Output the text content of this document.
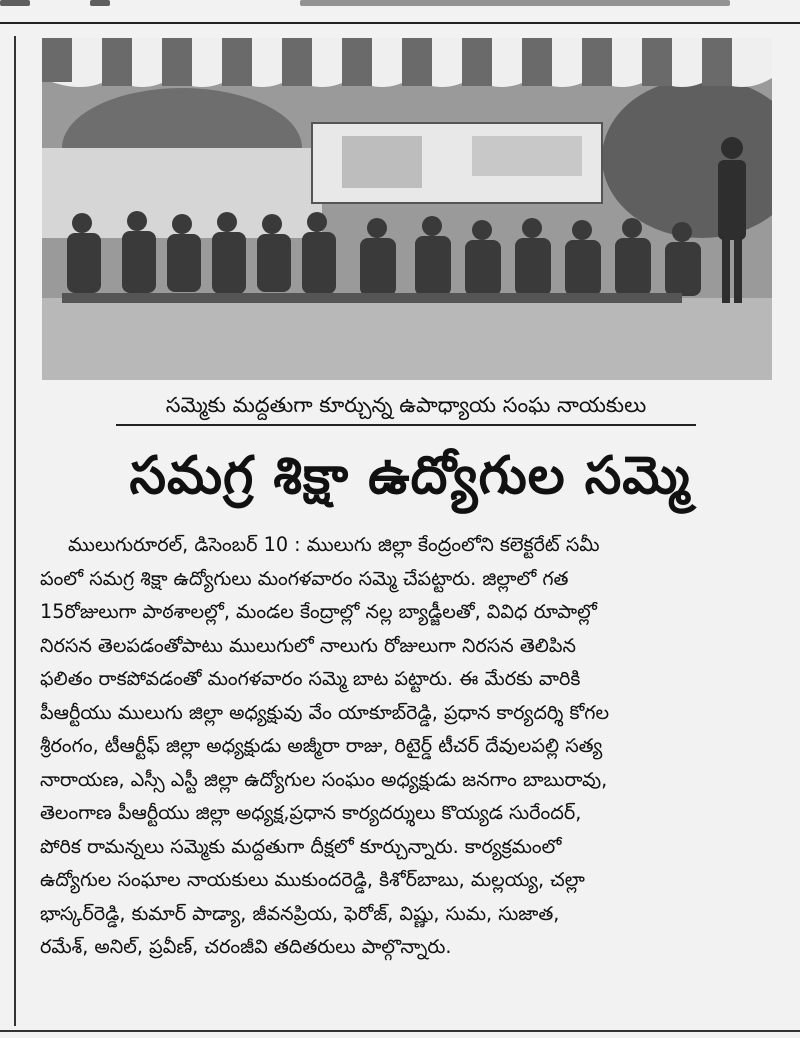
సమ్మెకు మద్దతుగా కూర్చున్న ఉపాధ్యాయ సంఘ నాయకులు
సమగ్ర శిక్షా ఉద్యోగుల సమ్మె
ములుగురూరల్, డిసెంబర్ 10 : ములుగు జిల్లా కేంద్రంలోని కలెక్టరేట్ సమీ
పంలో సమగ్ర శిక్షా ఉద్యోగులు మంగళవారం సమ్మె చేపట్టారు. జిల్లాలో గత
15రోజులుగా పాఠశాలల్లో, మండల కేంద్రాల్లో నల్ల బ్యాడ్జీలతో, వివిధ రూపాల్లో
నిరసన తెలపడంతోపాటు ములుగులో నాలుగు రోజులుగా నిరసన తెలిపిన
ఫలితం రాకపోవడంతో మంగళవారం సమ్మె బాట పట్టారు. ఈ మేరకు వారికి
పీఆర్టీయు ములుగు జిల్లా అధ్యక్షువు వేం యాకూబ్‌రెడ్డి, ప్రధాన కార్యదర్శి కోగల
శ్రీరంగం, టీఆర్టీఫ్ జిల్లా అధ్యక్షుడు అజ్మీరా రాజు, రిటైర్డ్ టీచర్ దేవులపల్లి సత్య
నారాయణ, ఎస్సీ ఎస్టీ జిల్లా ఉద్యోగుల సంఘం అధ్యక్షుడు జనగాం బాబురావు,
తెలంగాణ పీఆర్టీయు జిల్లా అధ్యక్ష,ప్రధాన కార్యదర్శులు కొయ్యడ సురేందర్,
పోరిక రామన్నలు సమ్మెకు మద్దతుగా దీక్షలో కూర్చున్నారు. కార్యక్రమంలో
ఉద్యోగుల సంఘాల నాయకులు ముకుందరెడ్డి, కిశోర్‌బాబు, మల్లయ్య, చల్లా
భాస్కర్‌రెడ్డి, కుమార్ పాడ్యా, జీవనప్రియ, ఫెరోజ్, విష్ణు, సుమ, సుజాత,
రమేశ్, అనిల్, ప్రవీణ్, చరంజీవి తదితరులు పాల్గొన్నారు.
